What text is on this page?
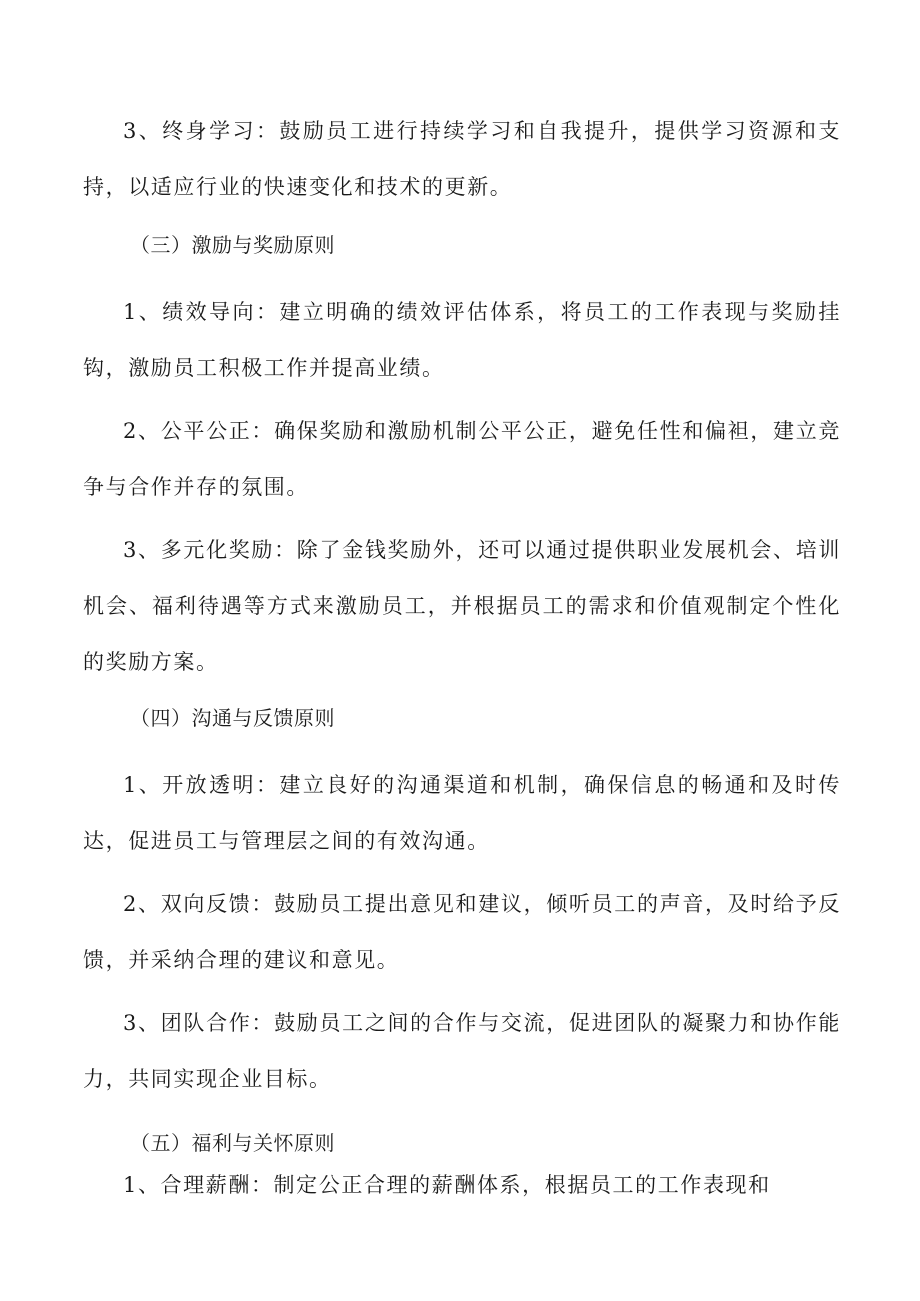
3、终身学习：鼓励员工进行持续学习和自我提升，提供学习资源和支持，以适应行业的快速变化和技术的更新。

（三）激励与奖励原则

1、绩效导向：建立明确的绩效评估体系，将员工的工作表现与奖励挂钩，激励员工积极工作并提高业绩。

2、公平公正：确保奖励和激励机制公平公正，避免任性和偏袒，建立竞争与合作并存的氛围。

3、多元化奖励：除了金钱奖励外，还可以通过提供职业发展机会、培训机会、福利待遇等方式来激励员工，并根据员工的需求和价值观制定个性化的奖励方案。

（四）沟通与反馈原则

1、开放透明：建立良好的沟通渠道和机制，确保信息的畅通和及时传达，促进员工与管理层之间的有效沟通。

2、双向反馈：鼓励员工提出意见和建议，倾听员工的声音，及时给予反馈，并采纳合理的建议和意见。

3、团队合作：鼓励员工之间的合作与交流，促进团队的凝聚力和协作能力，共同实现企业目标。

（五）福利与关怀原则

1、合理薪酬：制定公正合理的薪酬体系，根据员工的工作表现和
